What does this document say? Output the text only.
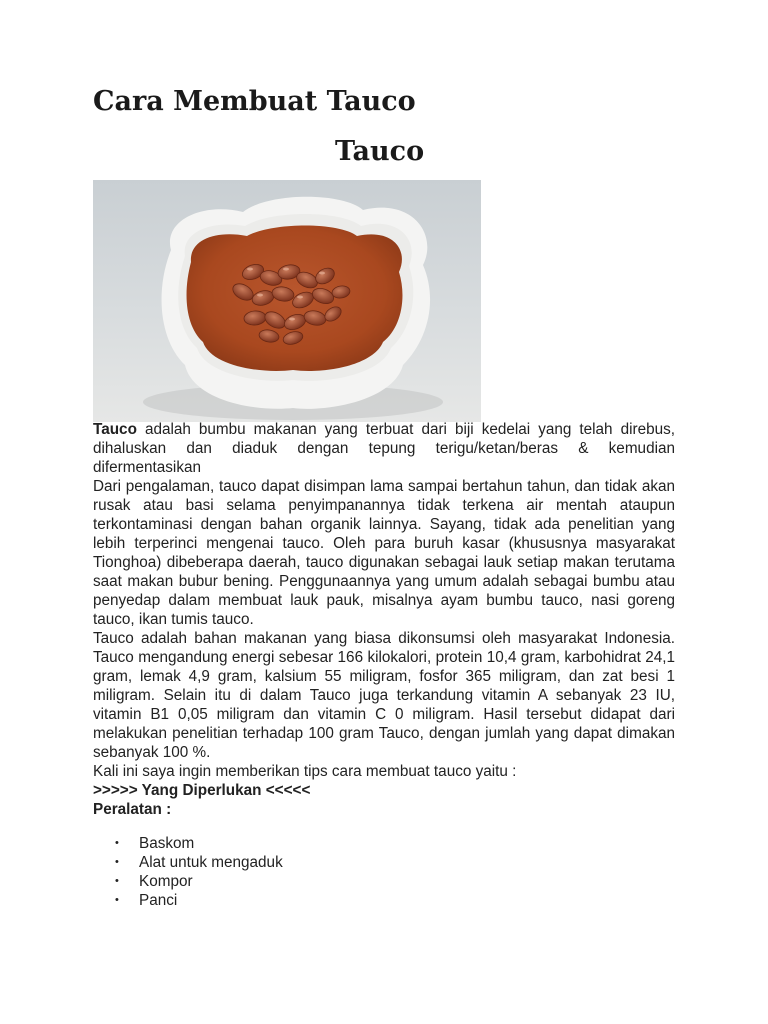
Cara Membuat Tauco
Tauco

Tauco adalah bumbu makanan yang terbuat dari biji kedelai yang telah direbus, dihaluskan dan diaduk dengan tepung terigu/ketan/beras & kemudian difermentasikan

Dari pengalaman, tauco dapat disimpan lama sampai bertahun tahun, dan tidak akan rusak atau basi selama penyimpanannya tidak terkena air mentah ataupun terkontaminasi dengan bahan organik lainnya. Sayang, tidak ada penelitian yang lebih terperinci mengenai tauco. Oleh para buruh kasar (khususnya masyarakat Tionghoa) dibeberapa daerah, tauco digunakan sebagai lauk setiap makan terutama saat makan bubur bening. Penggunaannya yang umum adalah sebagai bumbu atau penyedap dalam membuat lauk pauk, misalnya ayam bumbu tauco, nasi goreng tauco, ikan tumis tauco.

Tauco adalah bahan makanan yang biasa dikonsumsi oleh masyarakat Indonesia. Tauco mengandung energi sebesar 166 kilokalori, protein 10,4 gram, karbohidrat 24,1 gram, lemak 4,9 gram, kalsium 55 miligram, fosfor 365 miligram, dan zat besi 1 miligram. Selain itu di dalam Tauco juga terkandung vitamin A sebanyak 23 IU, vitamin B1 0,05 miligram dan vitamin C 0 miligram. Hasil tersebut didapat dari melakukan penelitian terhadap 100 gram Tauco, dengan jumlah yang dapat dimakan sebanyak 100 %.

Kali ini saya ingin memberikan tips cara membuat tauco yaitu :

>>>>> Yang Diperlukan <<<<<

Peralatan :

• Baskom
• Alat untuk mengaduk
• Kompor
• Panci
